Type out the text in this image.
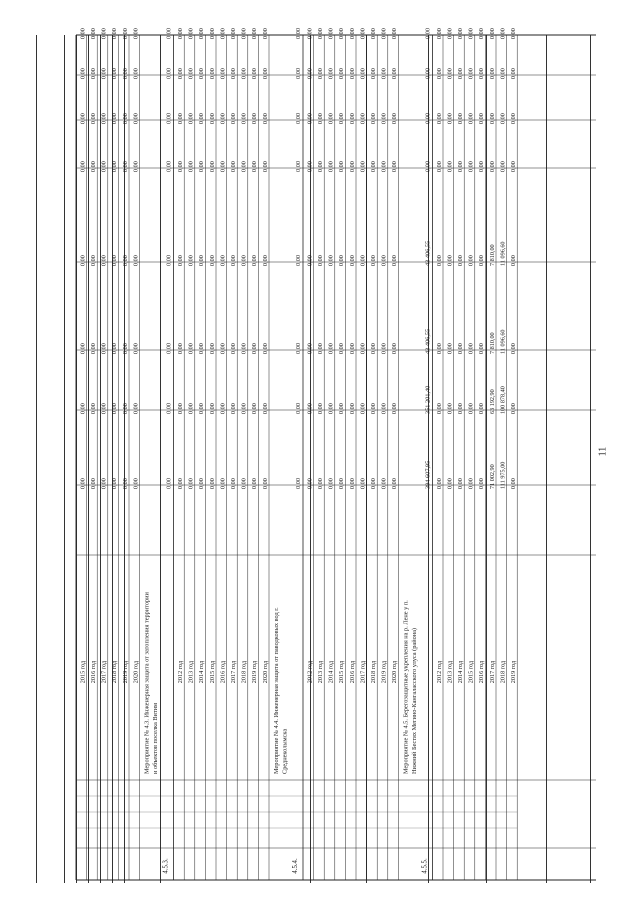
11
2015 год
0,00
0,00
0,00
0,00
0,00
0,00
0,00
0,00
2016 год
0,00
0,00
0,00
0,00
0,00
0,00
0,00
0,00
2017 год
0,00
0,00
0,00
0,00
0,00
0,00
0,00
0,00
2018 год
0,00
0,00
0,00
0,00
0,00
0,00
0,00
0,00
2019 год
0,00
0,00
0,00
0,00
0,00
0,00
0,00
0,00
2020 год
0,00
0,00
0,00
0,00
0,00
0,00
0,00
0,00
4.5.3.
Мероприятие № 4.3. Инженерная защита от затопления территории и объектов поселка Витим
0,00
0,00
0,00
0,00
0,00
0,00
0,00
0,00
2012 год
0,00
0,00
0,00
0,00
0,00
0,00
0,00
0,00
2013 год
0,00
0,00
0,00
0,00
0,00
0,00
0,00
0,00
2014 год
0,00
0,00
0,00
0,00
0,00
0,00
0,00
0,00
2015 год
0,00
0,00
0,00
0,00
0,00
0,00
0,00
0,00
2016 год
0,00
0,00
0,00
0,00
0,00
0,00
0,00
0,00
2017 год
0,00
0,00
0,00
0,00
0,00
0,00
0,00
0,00
2018 год
0,00
0,00
0,00
0,00
0,00
0,00
0,00
0,00
2019 год
0,00
0,00
0,00
0,00
0,00
0,00
0,00
0,00
2020 год
0,00
0,00
0,00
0,00
0,00
0,00
0,00
0,00
4.5.4.
Мероприятие № 4.4. Инженерная защита от паводковых вод г. Среднеколымска
0,00
0,00
0,00
0,00
0,00
0,00
0,00
0,00
2012 год
0,00
0,00
0,00
0,00
0,00
0,00
0,00
0,00
2013 год
0,00
0,00
0,00
0,00
0,00
0,00
0,00
0,00
2014 год
0,00
0,00
0,00
0,00
0,00
0,00
0,00
0,00
2015 год
0,00
0,00
0,00
0,00
0,00
0,00
0,00
0,00
2016 год
0,00
0,00
0,00
0,00
0,00
0,00
0,00
0,00
2017 год
0,00
0,00
0,00
0,00
0,00
0,00
0,00
0,00
2018 год
0,00
0,00
0,00
0,00
0,00
0,00
0,00
0,00
2019 год
0,00
0,00
0,00
0,00
0,00
0,00
0,00
0,00
2020 год
0,00
0,00
0,00
0,00
0,00
0,00
0,00
0,00
4.5.5.
Мероприятие № 4.5. Берегозащитные укрепления на р. Лене у п. Нижний Бестях Мегино-Кангаласского улуса (района)
394 607,95
351 201,40
43 406,55
43 406,55
0,00
0,00
0,00
0,00
2012 год
0,00
0,00
0,00
0,00
0,00
0,00
0,00
0,00
2013 год
0,00
0,00
0,00
0,00
0,00
0,00
0,00
0,00
2014 год
0,00
0,00
0,00
0,00
0,00
0,00
0,00
0,00
2015 год
0,00
0,00
0,00
0,00
0,00
0,00
0,00
0,00
2016 год
0,00
0,00
0,00
0,00
0,00
0,00
0,00
0,00
2017 год
71 002,90
63 192,90
7 810,00
7 810,00
0,00
0,00
0,00
0,00
2018 год
111 975,00
100 878,40
11 096,60
11 096,60
0,00
0,00
0,00
0,00
2019 год
0,00
0,00
0,00
0,00
0,00
0,00
0,00
0,00
